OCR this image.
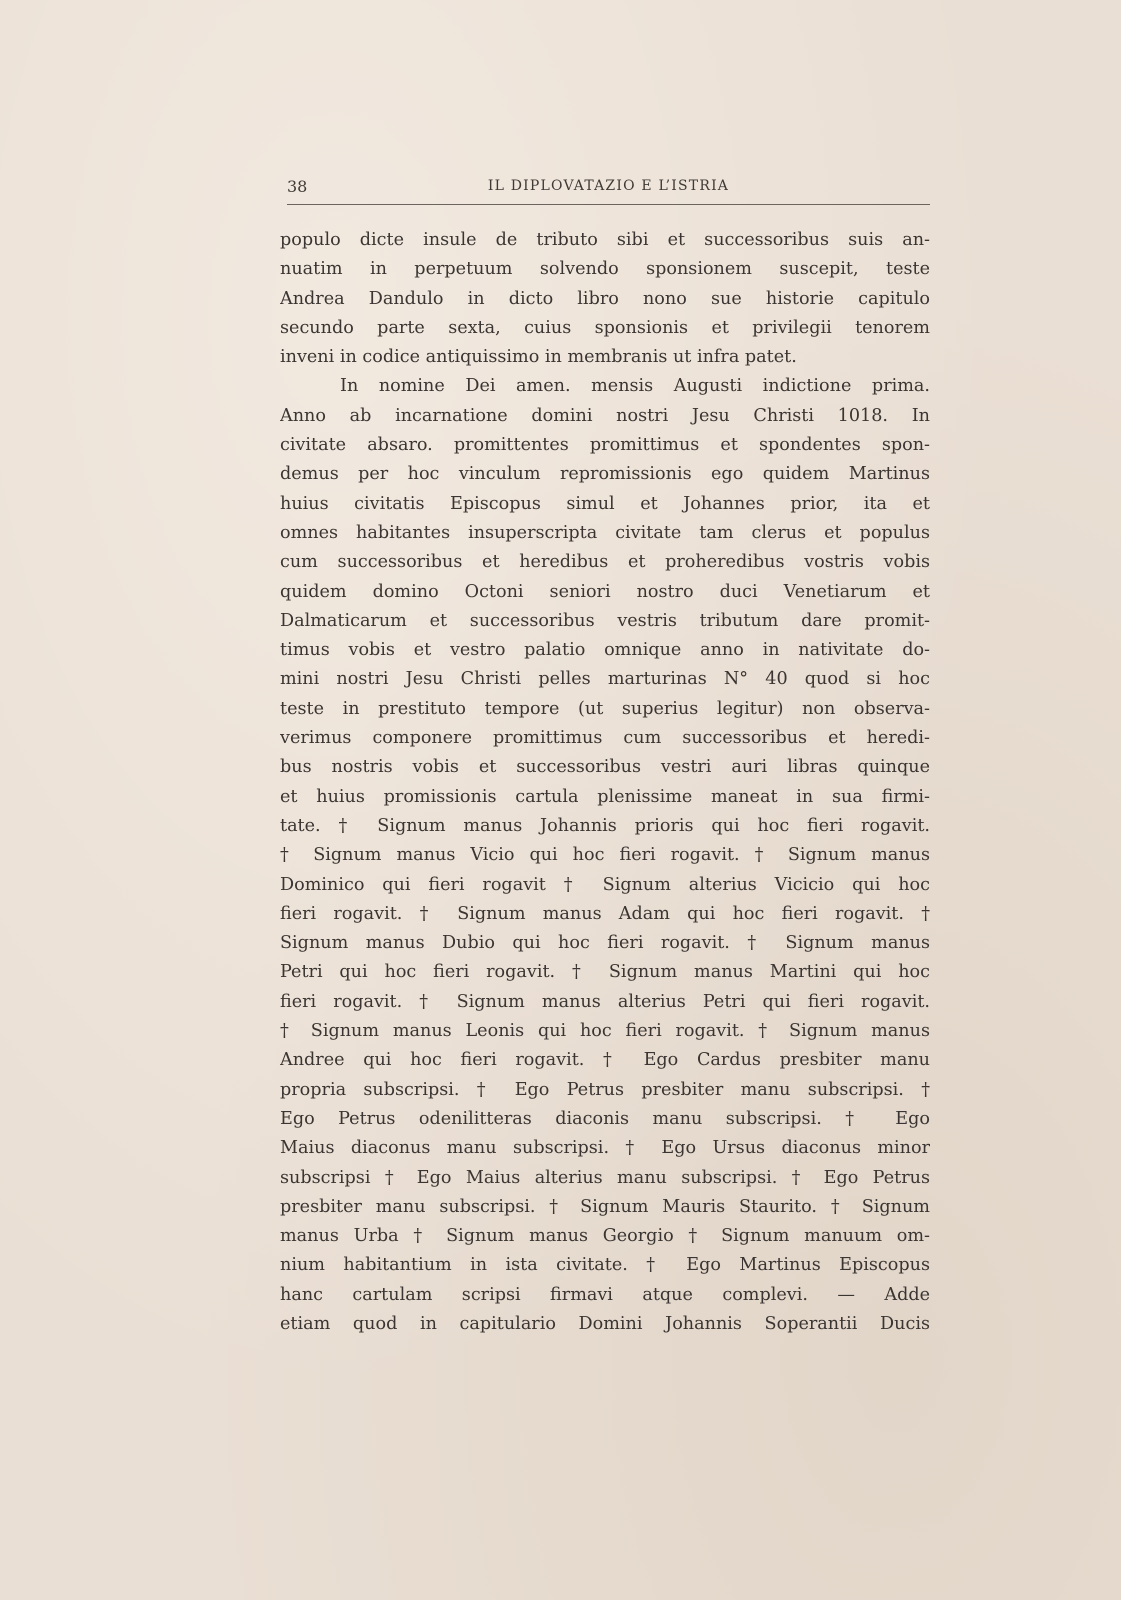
38	IL DIPLOVATAZIO E L’ISTRIA
populo dicte insule de tributo sibi et successoribus suis an-
nuatim in perpetuum solvendo sponsionem suscepit, teste
Andrea Dandulo in dicto libro nono sue historie capitulo
secundo parte sexta, cuius sponsionis et privilegii tenorem
inveni in codice antiquissimo in membranis ut infra patet.
In nomine Dei amen. mensis Augusti indictione prima.
Anno ab incarnatione domini nostri Jesu Christi 1018. In
civitate absaro. promittentes promittimus et spondentes spon-
demus per hoc vinculum repromissionis ego quidem Martinus
huius civitatis Episcopus simul et Johannes prior, ita et
omnes habitantes insuperscripta civitate tam clerus et populus
cum successoribus et heredibus et proheredibus vostris vobis
quidem domino Octoni seniori nostro duci Venetiarum et
Dalmaticarum et successoribus vestris tributum dare promit-
timus vobis et vestro palatio omnique anno in nativitate do-
mini nostri Jesu Christi pelles marturinas N° 40 quod si hoc
teste in prestituto tempore (ut superius legitur) non observa-
verimus componere promittimus cum successoribus et heredi-
bus nostris vobis et successoribus vestri auri libras quinque
et huius promissionis cartula plenissime maneat in sua firmi-
tate. † Signum manus Johannis prioris qui hoc fieri rogavit.
† Signum manus Vicio qui hoc fieri rogavit. † Signum manus
Dominico qui fieri rogavit † Signum alterius Vicicio qui hoc
fieri rogavit. † Signum manus Adam qui hoc fieri rogavit. †
Signum manus Dubio qui hoc fieri rogavit. † Signum manus
Petri qui hoc fieri rogavit. † Signum manus Martini qui hoc
fieri rogavit. † Signum manus alterius Petri qui fieri rogavit.
† Signum manus Leonis qui hoc fieri rogavit. † Signum manus
Andree qui hoc fieri rogavit. † Ego Cardus presbiter manu
propria subscripsi. † Ego Petrus presbiter manu subscripsi. †
Ego Petrus odenilitteras diaconis manu subscripsi. † Ego
Maius diaconus manu subscripsi. † Ego Ursus diaconus minor
subscripsi † Ego Maius alterius manu subscripsi. † Ego Petrus
presbiter manu subscripsi. † Signum Mauris Staurito. † Signum
manus Urba † Signum manus Georgio † Signum manuum om-
nium habitantium in ista civitate. † Ego Martinus Episcopus
hanc cartulam scripsi firmavi atque complevi. — Adde
etiam quod in capitulario Domini Johannis Soperantii Ducis
